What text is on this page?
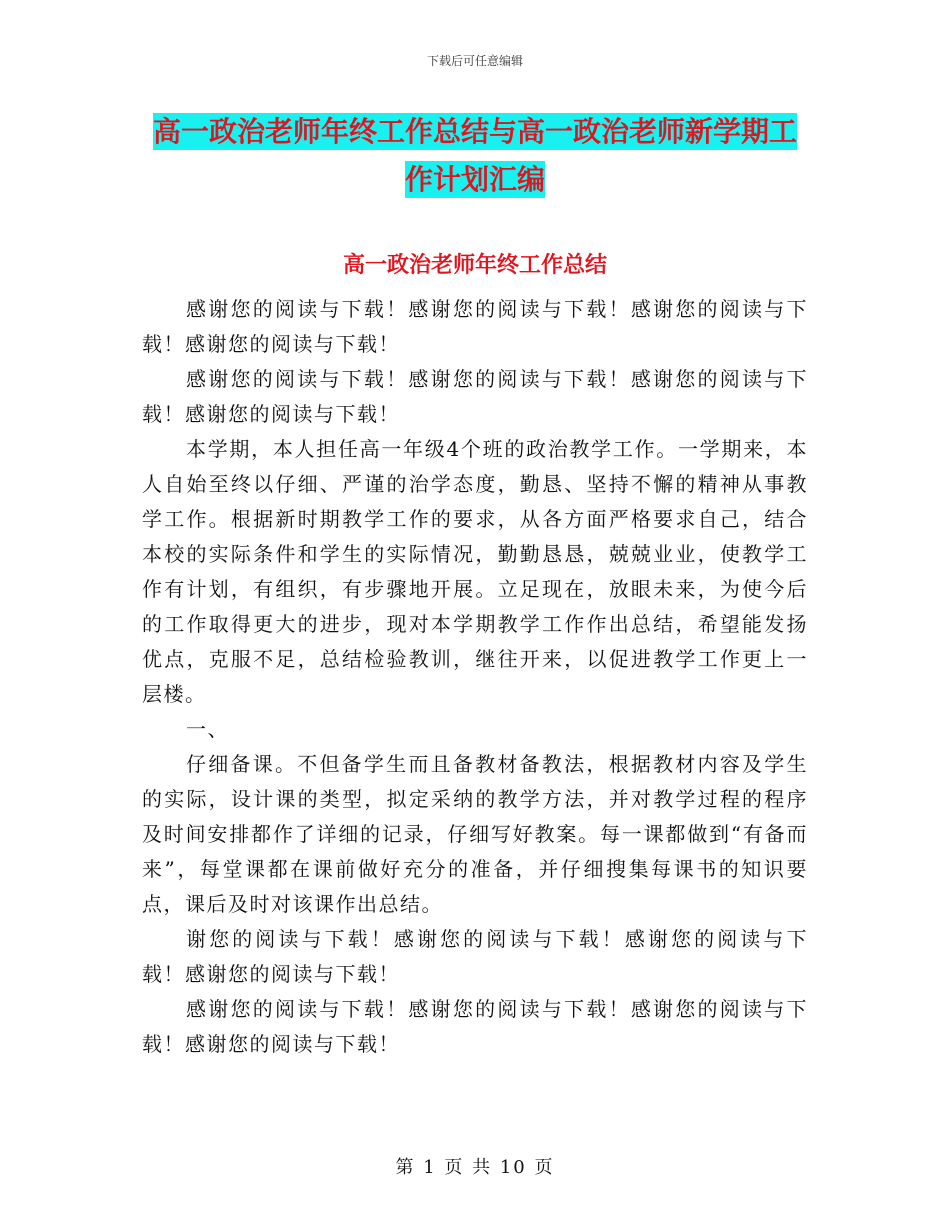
下载后可任意编辑
高一政治老师年终工作总结与高一政治老师新学期工
作计划汇编
高一政治老师年终工作总结

感谢您的阅读与下载！感谢您的阅读与下载！感谢您的阅读与下载！感谢您的阅读与下载！

感谢您的阅读与下载！感谢您的阅读与下载！感谢您的阅读与下载！感谢您的阅读与下载！

本学期，本人担任高一年级4个班的政治教学工作。一学期来，本人自始至终以仔细、严谨的治学态度，勤恳、坚持不懈的精神从事教学工作。根据新时期教学工作的要求，从各方面严格要求自己，结合本校的实际条件和学生的实际情况，勤勤恳恳，兢兢业业，使教学工作有计划，有组织，有步骤地开展。立足现在，放眼未来，为使今后的工作取得更大的进步，现对本学期教学工作作出总结，希望能发扬优点，克服不足，总结检验教训，继往开来，以促进教学工作更上一层楼。

一、

仔细备课。不但备学生而且备教材备教法，根据教材内容及学生的实际，设计课的类型，拟定采纳的教学方法，并对教学过程的程序及时间安排都作了详细的记录，仔细写好教案。每一课都做到“有备而来”，每堂课都在课前做好充分的准备，并仔细搜集每课书的知识要点，课后及时对该课作出总结。

谢您的阅读与下载！感谢您的阅读与下载！感谢您的阅读与下载！感谢您的阅读与下载！

感谢您的阅读与下载！感谢您的阅读与下载！感谢您的阅读与下载！感谢您的阅读与下载！

第 1 页 共 10 页
